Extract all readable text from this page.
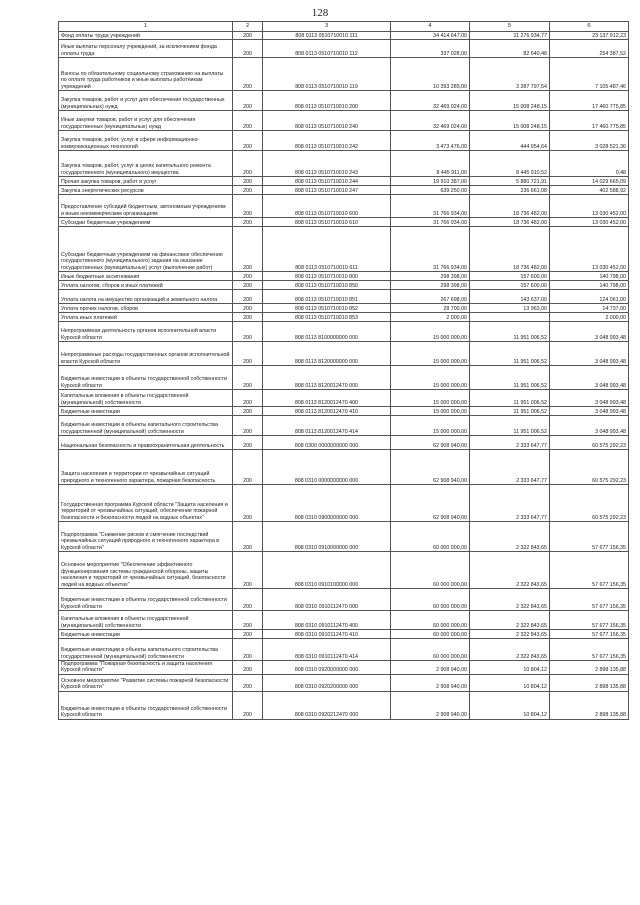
128
1	2	3	4	5	6
Фонд оплаты труда учреждений	200	808 0113 0510710010 111	34 414 647,00	11 276 934,77	23 137 912,23
Иные выплаты персоналу учреждений, за исключением фонда оплаты труда	200	808 0113 0510710010 112	337 028,00	82 640,48	254 387,52
Взносы по обязательному социальному страхованию на выплаты по оплате труда работников и иные выплаты работникам учреждений	200	808 0113 0510710010 119	10 393 285,00	3 287 797,54	7 105 487,46
Закупка товаров, работ и услуг для обеспечения государственных (муниципальных) нужд	200	808 0113 0510710010 200	32 469 024,00	15 008 248,15	17 460 775,85
Иные закупки товаров, работ и услуг для обеспечения государственных (муниципальных) нужд	200	808 0113 0510710010 240	32 469 024,00	15 008 248,15	17 460 775,85
Закупка товаров, работ, услуг в сфере информационно-коммуникационных технологий	200	808 0113 0510710010 242	3 473 476,00	444 954,64	3 028 521,36
Закупка товаров, работ, услуг в целях капитального ремонта государственного (муниципального) имущества	200	808 0113 0510710010 243	8 445 911,00	8 445 910,52	0,48
Прочая закупка товаров, работ и услуг	200	808 0113 0510710010 244	19 910 387,00	5 880 721,91	14 029 665,09
Закупка энергетических ресурсов	200	808 0113 0510710010 247	639 250,00	236 661,08	402 588,92
Предоставление субсидий бюджетным, автономным учреждениям и иным некоммерческим организациям	200	808 0113 0510710010 600	31 766 934,00	18 736 482,00	13 030 452,00
Субсидии бюджетным учреждениям	200	808 0113 0510710010 610	31 766 934,00	18 736 482,00	13 030 452,00
Субсидии бюджетным учреждениям на финансовое обеспечение государственного (муниципального) задания на оказание государственных (муниципальных) услуг (выполнение работ)	200	808 0113 0510710010 611	31 766 934,00	18 736 482,00	13 030 452,00
Иные бюджетные ассигнования	200	808 0113 0510710010 800	298 398,00	157 600,00	140 798,00
Уплата налогов, сборов и иных платежей	200	808 0113 0510710010 850	298 398,00	157 600,00	140 798,00
Уплата налога на имущество организаций и земельного налога	200	808 0113 0510710010 851	267 698,00	143 637,00	124 061,00
Уплата прочих налогов, сборов	200	808 0113 0510710010 852	28 700,00	13 963,00	14 737,00
Уплата иных платежей	200	808 0113 0510710010 853	2 000,00		2 000,00
Непрограммная деятельность органов исполнительной власти Курской области	200	808 0113 8100000000 000	15 000 000,00	11 951 006,52	3 048 993,48
Непрограммные расходы государственных органов исполнительной власти Курской области	200	808 0113 8120000000 000	15 000 000,00	11 951 006,52	3 048 993,48
Бюджетные инвестиции в объекты государственной собственности Курской области	200	808 0113 8120012470 000	15 000 000,00	11 951 006,52	3 048 993,48
Капитальные вложения в объекты государственной (муниципальной) собственности	200	808 0113 8120012470 400	15 000 000,00	11 951 006,52	3 048 993,48
Бюджетные инвестиции	200	808 0113 8120012470 410	15 000 000,00	11 951 006,52	3 048 993,48
Бюджетные инвестиции в объекты капитального строительства государственной (муниципальной) собственности	200	808 0113 8120012470 414	15 000 000,00	11 951 006,52	3 048 993,48
Национальная безопасность и правоохранительная деятельность	200	808 0300 0000000000 000	62 908 940,00	2 333 647,77	60 575 292,23
Защита населения и территории от чрезвычайных ситуаций природного и техногенного характера, пожарная безопасность	200	808 0310 0000000000 000	62 908 940,00	2 333 647,77	60 575 292,23
Государственная программа Курской области "Защита населения и территорий от чрезвычайных ситуаций, обеспечение пожарной безопасности и безопасности людей на водных объектах"	200	808 0310 0900000000 000	62 908 940,00	2 333 647,77	60 575 292,23
Подпрограмма "Снижение рисков и смягчение последствий чрезвычайных ситуаций природного и техногенного характера в Курской области"	200	808 0310 0910000000 000	60 000 000,00	2 322 843,65	57 677 156,35
Основное мероприятие "Обеспечение эффективного функционирования системы гражданской обороны, защиты населения и территорий от чрезвычайных ситуаций, безопасности людей на водных объектах"	200	808 0310 0910100000 000	60 000 000,00	2 322 843,65	57 677 156,35
Бюджетные инвестиции в объекты государственной собственности Курской области	200	808 0310 0910112470 000	60 000 000,00	2 322 843,65	57 677 156,35
Капитальные вложения в объекты государственной (муниципальной) собственности	200	808 0310 0910112470 400	60 000 000,00	2 322 843,65	57 677 156,35
Бюджетные инвестиции	200	808 0310 0910112470 410	60 000 000,00	2 322 843,65	57 677 156,35
Бюджетные инвестиции в объекты капитального строительства государственной (муниципальной) собственности	200	808 0310 0910112470 414	60 000 000,00	2 322 843,65	57 677 156,35
Подпрограмма "Пожарная безопасность и защита населения Курской области"	200	808 0310 0920000000 000	2 908 940,00	10 804,12	2 898 135,88
Основное мероприятие "Развитие системы пожарной безопасности Курской области"	200	808 0310 0920200000 000	2 908 940,00	10 804,12	2 898 135,88
Бюджетные инвестиции в объекты государственной собственности Курской области	200	808 0310 0920212470 000	2 908 940,00	10 804,12	2 898 135,88
